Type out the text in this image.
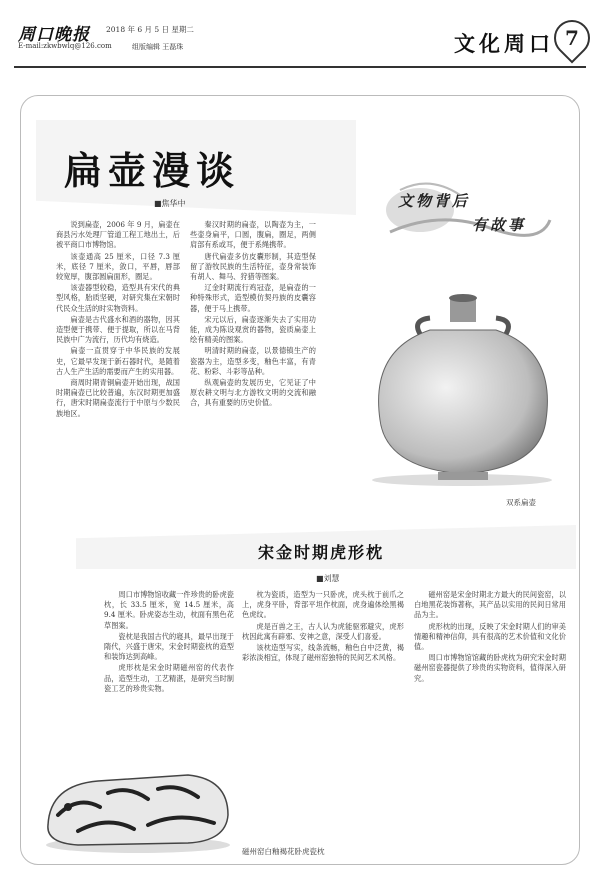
周口晚报 2018 年 6 月 5 日 星期二
E-mail:zkwbwlq@126.com	组版编辑 王磊珠	文化周口 7
扁壶漫谈
■焦华中	文物背后
有故事

说到扁壶，2006 年 9 月，扁壶在商县污水处理厂管道工程工地出土，后被平商口市博物馆。

该壶通高 25 厘米，口径 7.3 厘米，底径 7 厘米，敛口，平唇，唇部较宽厚，腹部圆扁面形，圈足。

该壶器型较稳，造型具有宋代的典型风格，胎质坚硬，对研究集在宋朝时代民众生活的时实物资料。

扁壶是古代盛水和酒的器物，因其造型便于携带、便于提取，所以在马背民族中广为流行，历代均有烧造。

扁壶一直贯穿于中华民族的发展史，它最早发现于新石器时代，是随着古人生产生活的需要而产生的实用器。

商周时期青铜扁壶开始出现，战国时期扁壶已比较普遍，东汉时期更加盛行，唐宋时期扁壶流行于中原与少数民族地区。

秦汉时期的扁壶，以陶壶为主，一些壶身扁平，口圆，腹扁，圈足，两侧肩部有系或耳，便于系绳携带。

唐代扁壶多仿皮囊形制，其造型保留了游牧民族的生活特征，壶身常装饰有胡人、舞马、狩猎等图案。

辽金时期流行鸡冠壶，是扁壶的一种特殊形式，造型模仿契丹族的皮囊容器，便于马上携带。

宋元以后，扁壶逐渐失去了实用功能，成为陈设观赏的器物，瓷质扁壶上绘有精美的图案。

明清时期的扁壶，以景德镇生产的瓷器为主，造型多变，釉色丰富，有青花、粉彩、斗彩等品种。

纵观扁壶的发展历史，它见证了中原农耕文明与北方游牧文明的交流和融合，具有重要的历史价值。

双系扁壶
宋金时期虎形枕
■刘慧

周口市博物馆收藏一件珍贵的卧虎瓷枕，长 33.5 厘米，宽 14.5 厘米，高 9.4 厘米。卧虎姿态生动，枕面有黑色花草图案。

瓷枕是我国古代的寝具，最早出现于隋代，兴盛于唐宋，宋金时期瓷枕的造型和装饰达到高峰。

虎形枕是宋金时期磁州窑的代表作品，造型生动，工艺精湛，是研究当时制瓷工艺的珍贵实物。

枕为瓷质，造型为一只卧虎，虎头枕于前爪之上，虎身平卧，背部平坦作枕面，虎身遍体绘黑褐色虎纹。

虎是百兽之王，古人认为虎能驱邪避灾，虎形枕因此寓有辟邪、安神之意，深受人们喜爱。

该枕造型写实，线条流畅，釉色白中泛黄，褐彩浓淡相宜，体现了磁州窑独特的民间艺术风格。

磁州窑是宋金时期北方最大的民间瓷窑，以白地黑花装饰著称，其产品以实用的民间日常用品为主。

虎形枕的出现，反映了宋金时期人们的审美情趣和精神信仰，具有很高的艺术价值和文化价值。

周口市博物馆馆藏的卧虎枕为研究宋金时期磁州窑瓷器提供了珍贵的实物资料，值得深入研究。

磁州窑白釉褐花卧虎瓷枕
